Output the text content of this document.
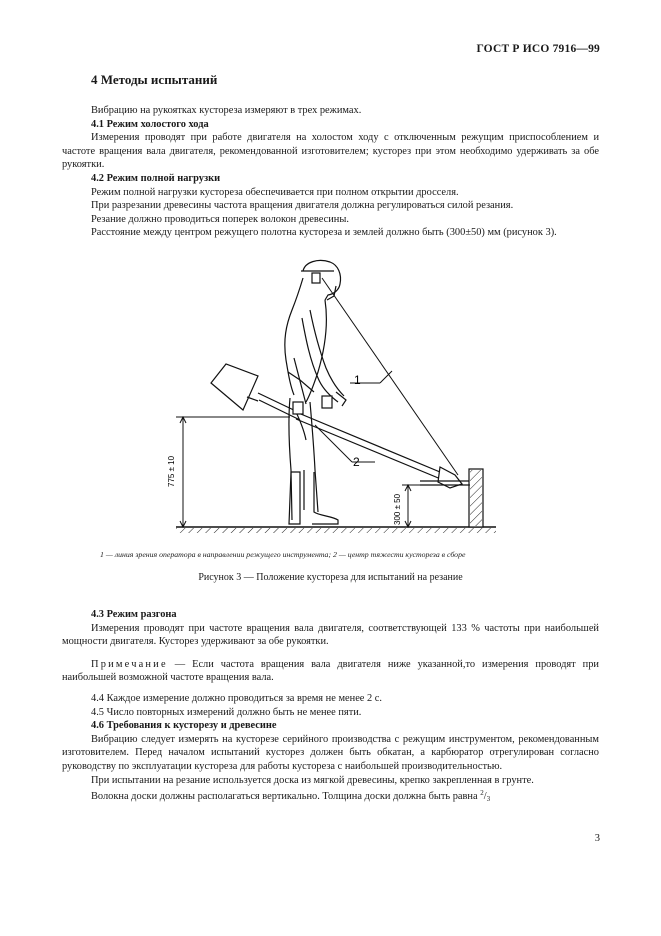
ГОСТ Р ИСО 7916—99
4 Методы испытаний

Вибрацию на рукоятках кустореза измеряют в трех режимах.

4.1 Режим холостого хода

Измерения проводят при работе двигателя на холостом ходу с отключенным режущим приспособлением и частоте вращения вала двигателя, рекомендованной изготовителем; кусторез при этом необходимо удерживать за обе рукоятки.

4.2 Режим полной нагрузки

Режим полной нагрузки кустореза обеспечивается при полном открытии дросселя.

При разрезании древесины частота вращения двигателя должна регулироваться силой резания.

Резание должно проводиться поперек волокон древесины.

Расстояние между центром режущего полотна кустореза и землей должно быть (300±50) мм (рисунок 3).

775 ± 10
300 ± 50
1
2
1 — линия зрения оператора в направлении режущего инструмента; 2 — центр тяжести кустореза в сборе
Рисунок 3 — Положение кустореза для испытаний на резание

4.3 Режим разгона

Измерения проводят при частоте вращения вала двигателя, соответствующей 133 % частоты при наибольшей мощности двигателя. Кусторез удерживают за обе рукоятки.

Примечание — Если частота вращения вала двигателя ниже указанной,то измерения проводят при наибольшей возможной частоте вращения вала.

4.4 Каждое измерение должно проводиться за время не менее 2 с.

4.5 Число повторных измерений должно быть не менее пяти.

4.6 Требования к кусторезу и древесине

Вибрацию следует измерять на кусторезе серийного производства с режущим инструментом, рекомендованным изготовителем. Перед началом испытаний кусторез должен быть обкатан, а карбюратор отрегулирован согласно руководству по эксплуатации кустореза для работы кустореза с наибольшей производительностью.

При испытании на резание используется доска из мягкой древесины, крепко закрепленная в грунте.

Волокна доски должны располагаться вертикально. Толщина доски должна быть равна $^2$/3

3
